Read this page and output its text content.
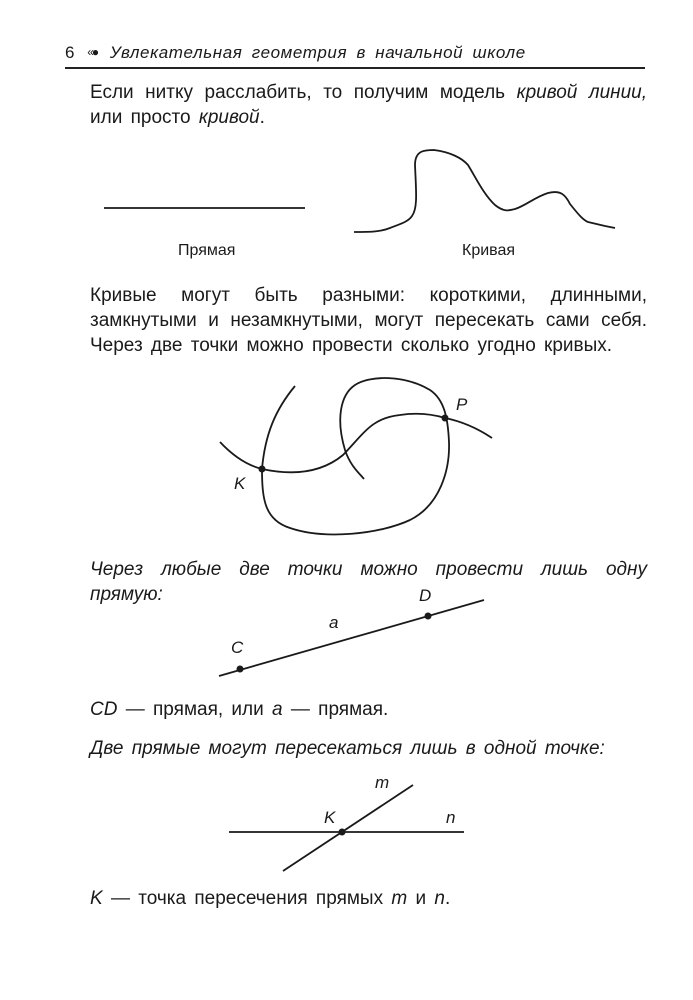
6 «● Увлекательная геометрия в начальной школе
Если нитку расслабить, то получим модель кривой линии, или просто кривой.
Прямая	Кривая
Кривые могут быть разными: короткими, длинными, замкнутыми и незамкнутыми, могут пересекать сами себя. Через две точки можно провести сколько угодно кривых.
K
P
Через любые две точки можно провести лишь одну прямую:
C
D
a
CD — прямая, или a — прямая.
Две прямые могут пересекаться лишь в одной точке:
K
m
n
K — точка пересечения прямых m и n.
